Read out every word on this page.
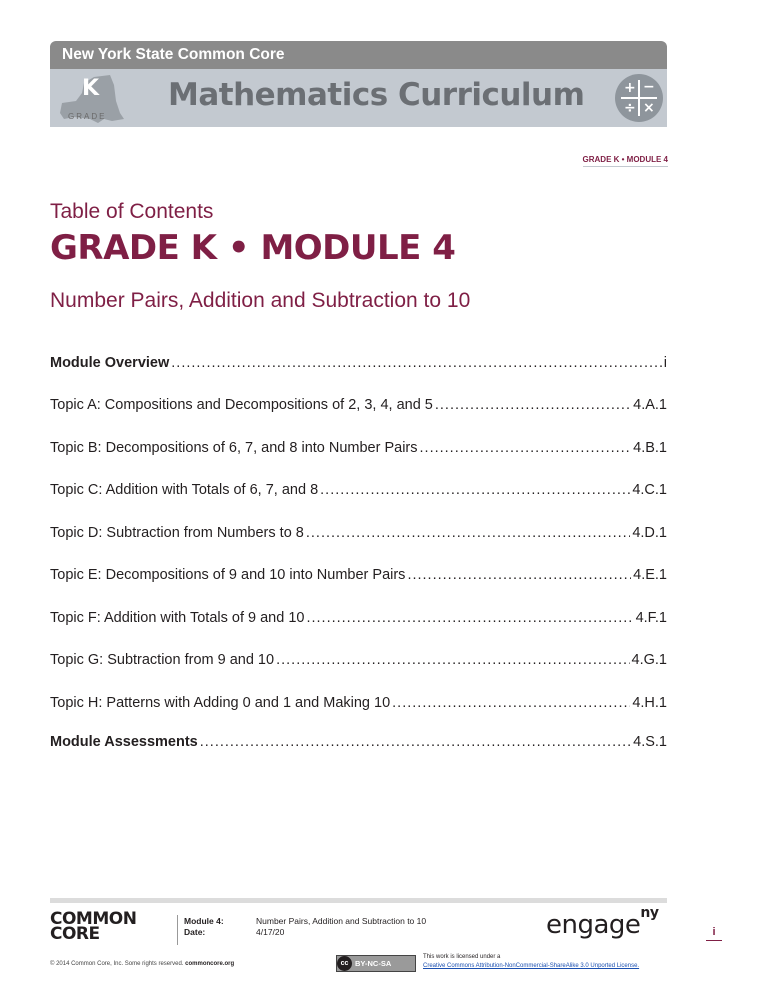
New York State Common Core
K
GRADE
Mathematics Curriculum	+ −
÷ ×
GRADE K • MODULE 4
Table of Contents
GRADE K • MODULE 4
Number Pairs, Addition and Subtraction to 10
Module Overview .....	i
Topic A: Compositions and Decompositions of 2, 3, 4, and 5 .....	4.A.1
Topic B: Decompositions of 6, 7, and 8 into Number Pairs .....	4.B.1
Topic C: Addition with Totals of 6, 7, and 8 .....	4.C.1
Topic D: Subtraction from Numbers to 8 .....	4.D.1
Topic E: Decompositions of 9 and 10 into Number Pairs .....	4.E.1
Topic F: Addition with Totals of 9 and 10 .....	4.F.1
Topic G: Subtraction from 9 and 10 .....	4.G.1
Topic H: Patterns with Adding 0 and 1 and Making 10 .....	4.H.1
Module Assessments .....	4.S.1
COMMON
CORE
Module 4:
Date:
Number Pairs, Addition and Subtraction to 10
4/17/20	engage$^{ny}$
i
© 2014 Common Core, Inc. Some rights reserved. commoncore.org	cc BY-NC-SA
This work is licensed under a
Creative Commons Attribution-NonCommercial-ShareAlike 3.0 Unported License.
